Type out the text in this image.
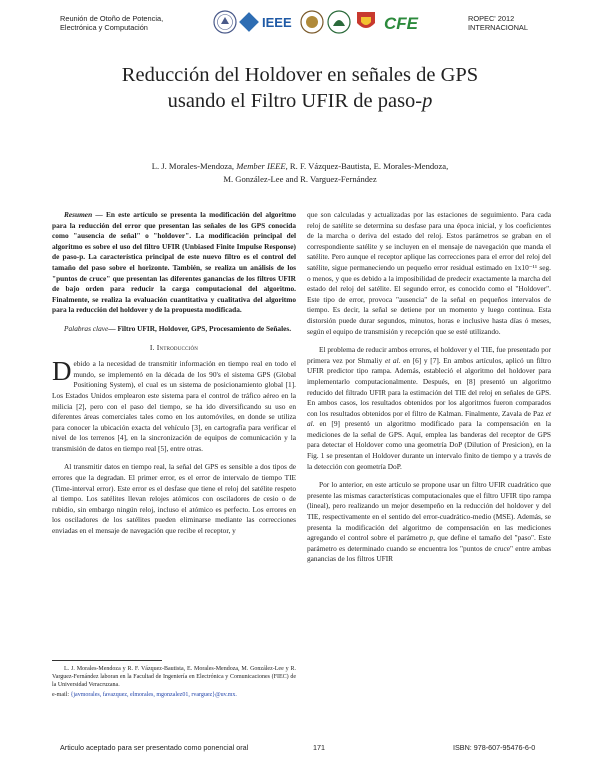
Reunión de Otoño de Potencia,
Electrónica y Computación	IEEE	CFE	ROPEC' 2012
INTERNACIONAL
Reducción del Holdover en señales de GPS
usando el Filtro UFIR de paso-p
L. J. Morales-Mendoza, Member IEEE, R. F. Vázquez-Bautista, E. Morales-Mendoza,
M. González-Lee and R. Varguez-Fernández
Resumen — En este artículo se presenta la modificación del algoritmo para la reducción del error que presentan las señales de los GPS conocida como "ausencia de señal" o "holdover". La modificación principal del algoritmo es sobre el uso del filtro UFIR (Unbiased Finite Impulse Response) de paso-p. La característica principal de este nuevo filtro es el control del tamaño del paso sobre el horizonte. También, se realiza un análisis de los "puntos de cruce" que presentan las diferentes ganancias de los filtros UFIR de bajo orden para reducir la carga computacional del algoritmo. Finalmente, se realiza la evaluación cuantitativa y cualitativa del algoritmo para la reducción del holdover y de la propuesta modificada.
Palabras clave— Filtro UFIR, Holdover, GPS, Procesamiento de Señales.
I. Introducción
Debido a la necesidad de transmitir información en tiempo real en todo el mundo, se implementó en la década de los 90's el sistema GPS (Global Positioning System), el cual es un sistema de posicionamiento global [1]. Los Estados Unidos emplearon este sistema para el control de tráfico aéreo en la milicia [2], pero con el paso del tiempo, se ha ido diversificando su uso en diferentes áreas comerciales tales como en los automóviles, en donde se utiliza para conocer la ubicación exacta del vehículo [3], en cartografía para verificar el nivel de los terrenos [4], en la sincronización de equipos de comunicación y la transmisión de datos en tiempo real [5], entre otras.
Al transmitir datos en tiempo real, la señal del GPS es sensible a dos tipos de errores que la degradan. El primer error, es el error de intervalo de tiempo TIE (Time-interval error). Este error es el desfase que tiene el reloj del satélite respeto al tiempo. Los satélites llevan relojes atómicos con osciladores de cesio o de rubidio, sin embargo ningún reloj, incluso el atómico es perfecto. Los errores en los osciladores de los satélites pueden eliminarse mediante las correcciones enviadas en el mensaje de navegación que recibe el receptor, y
L. J. Morales-Mendoza y R. F. Vázquez-Bautista, E. Morales-Mendoza, M. González-Lee y R. Varguez-Fernández laboran en la Facultad de Ingeniería en Electrónica y Comunicaciones (FIEC) de la Universidad Veracruzana.
e-mail: {javmorales, favazquez, elmorales, mgonzalez01, rvarguez}@uv.mx.
que son calculadas y actualizadas por las estaciones de seguimiento. Para cada reloj de satélite se determina su desfase para una época inicial, y los coeficientes de la marcha o deriva del estado del reloj. Estos parámetros se graban en el correspondiente satélite y se incluyen en el mensaje de navegación que manda el satélite. Pero aunque el receptor aplique las correcciones para el error del reloj del satélite, sigue permaneciendo un pequeño error residual estimado en 1x10⁻¹¹ seg. o menos, y que es debido a la imposibilidad de predecir exactamente la marcha del estado del reloj del satélite. El segundo error, es conocido como el "Holdover". Este tipo de error, provoca "ausencia" de la señal en pequeños intervalos de tiempo. Es decir, la señal se detiene por un momento y luego continua. Esta distorsión puede durar segundos, minutos, horas e inclusive hasta días ó meses, según el equipo de transmisión y recepción que se esté utilizando.
El problema de reducir ambos errores, el holdover y el TIE, fue presentado por primera vez por Shmaliy et al. en [6] y [7]. En ambos artículos, aplicó un filtro UFIR predictor tipo rampa. Además, estableció el algoritmo del holdover para implementarlo computacionalmente. Después, en [8] presentó un algoritmo reducido del filtrado UFIR para la estimación del TIE del reloj en señales de GPS. En ambos casos, los resultados obtenidos por los algoritmos fueron comparados con los resultados obtenidos por el filtro de Kalman. Finalmente, Zavala de Paz et al. en [9] presentó un algoritmo modificado para la compensación en la mediciones de la señal de GPS. Aquí, emplea las banderas del receptor de GPS para detectar el Holdover como una geometría DoP (Dilution of Presicion), en la Fig. 1 se presentan el Holdover durante un intervalo finito de tiempo y a través de la detección con geometría DoP.
Por lo anterior, en este artículo se propone usar un filtro UFIR cuadrático que presente las mismas características computacionales que el filtro UFIR tipo rampa (lineal), pero realizando un mejor desempeño en la reducción del holdover y del TIE, respectivamente en el sentido del error-cuadrático-medio (MSE). Además, se presenta la modificación del algoritmo de compensación en las mediciones agregando el control sobre el parámetro p, que define el tamaño del "paso". Este parámetro es determinado cuando se encuentra los "puntos de cruce" entre ambas ganancias de los filtros UFIR
Articulo aceptado para ser presentado como ponencial oral	171	ISBN: 978-607-95476-6-0
